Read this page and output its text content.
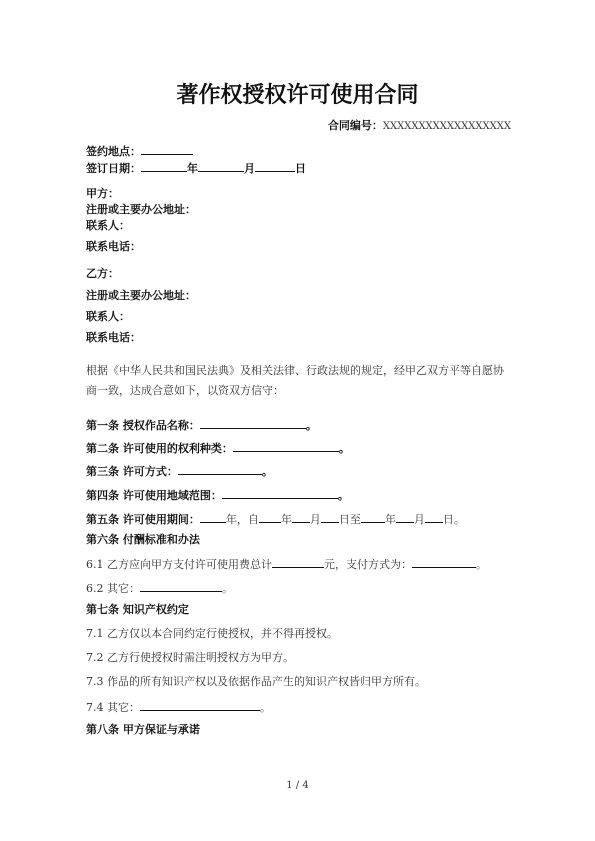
著作权授权许可使用合同
合同编号：XXXXXXXXXXXXXXXXXX
签约地点：
签订日期：	年	月	日
甲方：
注册或主要办公地址：
联系人：
联系电话：
乙方：
注册或主要办公地址：
联系人：
联系电话：
根据《中华人民共和国民法典》及相关法律、行政法规的规定，经甲乙双方平等自愿协商一致，达成合意如下，以资双方信守：
第一条 授权作品名称：	。
第二条 许可使用的权利种类：	。
第三条 许可方式：	。
第四条 许可使用地域范围：	。
第五条 许可使用期间： 年，自 年 月 日至 年 月 日。
第六条 付酬标准和办法
6.1 乙方应向甲方支付许可使用费总计	元，支付方式为：	。
6.2 其它：	。
第七条 知识产权约定
7.1 乙方仅以本合同约定行使授权，并不得再授权。
7.2 乙方行使授权时需注明授权方为甲方。
7.3 作品的所有知识产权以及依据作品产生的知识产权皆归甲方所有。
7.4 其它：	。
第八条 甲方保证与承诺
1 / 4
